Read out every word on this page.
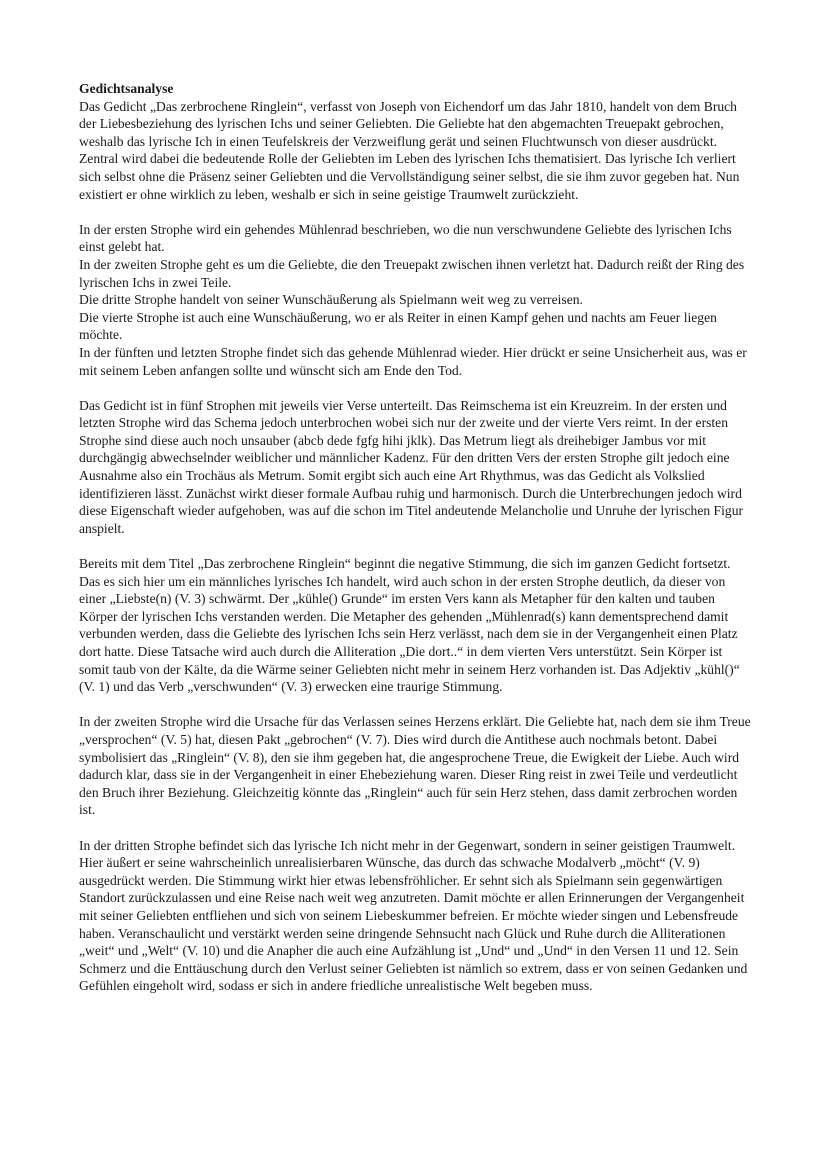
Gedichtsanalyse

Das Gedicht „Das zerbrochene Ringlein“, verfasst von Joseph von Eichendorf um das Jahr 1810, handelt von dem Bruch der Liebesbeziehung des lyrischen Ichs und seiner Geliebten. Die Geliebte hat den abgemachten Treuepakt gebrochen, weshalb das lyrische Ich in einen Teufelskreis der Verzweiflung gerät und seinen Fluchtwunsch von dieser ausdrückt.

Zentral wird dabei die bedeutende Rolle der Geliebten im Leben des lyrischen Ichs thematisiert. Das lyrische Ich verliert sich selbst ohne die Präsenz seiner Geliebten und die Vervollständigung seiner selbst, die sie ihm zuvor gegeben hat. Nun existiert er ohne wirklich zu leben, weshalb er sich in seine geistige Traumwelt zurückzieht.

In der ersten Strophe wird ein gehendes Mühlenrad beschrieben, wo die nun verschwundene Geliebte des lyrischen Ichs einst gelebt hat.

In der zweiten Strophe geht es um die Geliebte, die den Treuepakt zwischen ihnen verletzt hat. Dadurch reißt der Ring des lyrischen Ichs in zwei Teile.

Die dritte Strophe handelt von seiner Wunschäußerung als Spielmann weit weg zu verreisen.

Die vierte Strophe ist auch eine Wunschäußerung, wo er als Reiter in einen Kampf gehen und nachts am Feuer liegen möchte.

In der fünften und letzten Strophe findet sich das gehende Mühlenrad wieder. Hier drückt er seine Unsicherheit aus, was er mit seinem Leben anfangen sollte und wünscht sich am Ende den Tod.

Das Gedicht ist in fünf Strophen mit jeweils vier Verse unterteilt. Das Reimschema ist ein Kreuzreim. In der ersten und letzten Strophe wird das Schema jedoch unterbrochen wobei sich nur der zweite und der vierte Vers reimt. In der ersten Strophe sind diese auch noch unsauber (abcb dede fgfg hihi jklk). Das Metrum liegt als dreihebiger Jambus vor mit durchgängig abwechselnder weiblicher und männlicher Kadenz. Für den dritten Vers der ersten Strophe gilt jedoch eine Ausnahme also ein Trochäus als Metrum. Somit ergibt sich auch eine Art Rhythmus, was das Gedicht als Volkslied identifizieren lässt. Zunächst wirkt dieser formale Aufbau ruhig und harmonisch. Durch die Unterbrechungen jedoch wird diese Eigenschaft wieder aufgehoben, was auf die schon im Titel andeutende Melancholie und Unruhe der lyrischen Figur anspielt.

Bereits mit dem Titel „Das zerbrochene Ringlein“ beginnt die negative Stimmung, die sich im ganzen Gedicht fortsetzt. Das es sich hier um ein männliches lyrisches Ich handelt, wird auch schon in der ersten Strophe deutlich, da dieser von einer „Liebste(n) (V. 3) schwärmt. Der „kühle() Grunde“ im ersten Vers kann als Metapher für den kalten und tauben Körper der lyrischen Ichs verstanden werden. Die Metapher des gehenden „Mühlenrad(s) kann dementsprechend damit verbunden werden, dass die Geliebte des lyrischen Ichs sein Herz verlässt, nach dem sie in der Vergangenheit einen Platz dort hatte. Diese Tatsache wird auch durch die Alliteration „Die dort..“ in dem vierten Vers unterstützt. Sein Körper ist somit taub von der Kälte, da die Wärme seiner Geliebten nicht mehr in seinem Herz vorhanden ist. Das Adjektiv „kühl()“ (V. 1) und das Verb „verschwunden“ (V. 3) erwecken eine traurige Stimmung.

In der zweiten Strophe wird die Ursache für das Verlassen seines Herzens erklärt. Die Geliebte hat, nach dem sie ihm Treue „versprochen“ (V. 5) hat, diesen Pakt „gebrochen“ (V. 7). Dies wird durch die Antithese auch nochmals betont. Dabei symbolisiert das „Ringlein“ (V. 8), den sie ihm gegeben hat, die angesprochene Treue, die Ewigkeit der Liebe. Auch wird dadurch klar, dass sie in der Vergangenheit in einer Ehebeziehung waren. Dieser Ring reist in zwei Teile und verdeutlicht den Bruch ihrer Beziehung. Gleichzeitig könnte das „Ringlein“ auch für sein Herz stehen, dass damit zerbrochen worden ist.

In der dritten Strophe befindet sich das lyrische Ich nicht mehr in der Gegenwart, sondern in seiner geistigen Traumwelt. Hier äußert er seine wahrscheinlich unrealisierbaren Wünsche, das durch das schwache Modalverb „möcht“ (V. 9) ausgedrückt werden. Die Stimmung wirkt hier etwas lebensfröhlicher. Er sehnt sich als Spielmann sein gegenwärtigen Standort zurückzulassen und eine Reise nach weit weg anzutreten. Damit möchte er allen Erinnerungen der Vergangenheit mit seiner Geliebten entfliehen und sich von seinem Liebeskummer befreien. Er möchte wieder singen und Lebensfreude haben. Veranschaulicht und verstärkt werden seine dringende Sehnsucht nach Glück und Ruhe durch die Alliterationen „weit“ und „Welt“ (V. 10) und die Anapher die auch eine Aufzählung ist „Und“ und „Und“ in den Versen 11 und 12. Sein Schmerz und die Enttäuschung durch den Verlust seiner Geliebten ist nämlich so extrem, dass er von seinen Gedanken und Gefühlen eingeholt wird, sodass er sich in andere friedliche unrealistische Welt begeben muss.
